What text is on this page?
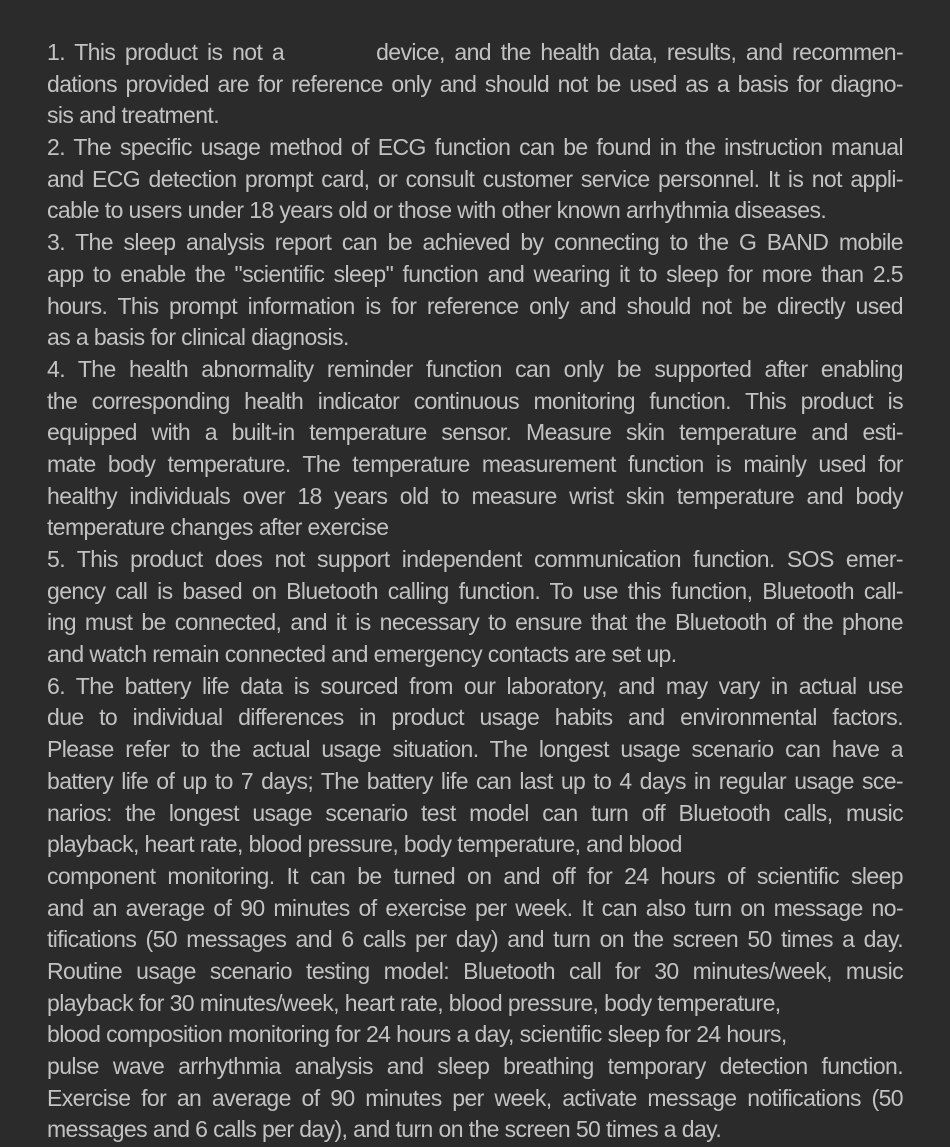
1. This product is not a	device, and the health data, results, and recommen-
dations provided are for reference only and should not be used as a basis for diagno-
sis and treatment.
2. The specific usage method of ECG function can be found in the instruction manual
and ECG detection prompt card, or consult customer service personnel. It is not appli-
cable to users under 18 years old or those with other known arrhythmia diseases.
3. The sleep analysis report can be achieved by connecting to the G BAND mobile
app to enable the "scientific sleep" function and wearing it to sleep for more than 2.5
hours. This prompt information is for reference only and should not be directly used
as a basis for clinical diagnosis.
4. The health abnormality reminder function can only be supported after enabling
the corresponding health indicator continuous monitoring function. This product is
equipped with a built-in temperature sensor. Measure skin temperature and esti-
mate body temperature. The temperature measurement function is mainly used for
healthy individuals over 18 years old to measure wrist skin temperature and body
temperature changes after exercise
5. This product does not support independent communication function. SOS emer-
gency call is based on Bluetooth calling function. To use this function, Bluetooth call-
ing must be connected, and it is necessary to ensure that the Bluetooth of the phone
and watch remain connected and emergency contacts are set up.
6. The battery life data is sourced from our laboratory, and may vary in actual use
due to individual differences in product usage habits and environmental factors.
Please refer to the actual usage situation. The longest usage scenario can have a
battery life of up to 7 days; The battery life can last up to 4 days in regular usage sce-
narios: the longest usage scenario test model can turn off Bluetooth calls, music
playback, heart rate, blood pressure, body temperature, and blood
component monitoring. It can be turned on and off for 24 hours of scientific sleep
and an average of 90 minutes of exercise per week. It can also turn on message no-
tifications (50 messages and 6 calls per day) and turn on the screen 50 times a day.
Routine usage scenario testing model: Bluetooth call for 30 minutes/week, music
playback for 30 minutes/week, heart rate, blood pressure, body temperature,
blood composition monitoring for 24 hours a day, scientific sleep for 24 hours,
pulse wave arrhythmia analysis and sleep breathing temporary detection function.
Exercise for an average of 90 minutes per week, activate message notifications (50
messages and 6 calls per day), and turn on the screen 50 times a day.
